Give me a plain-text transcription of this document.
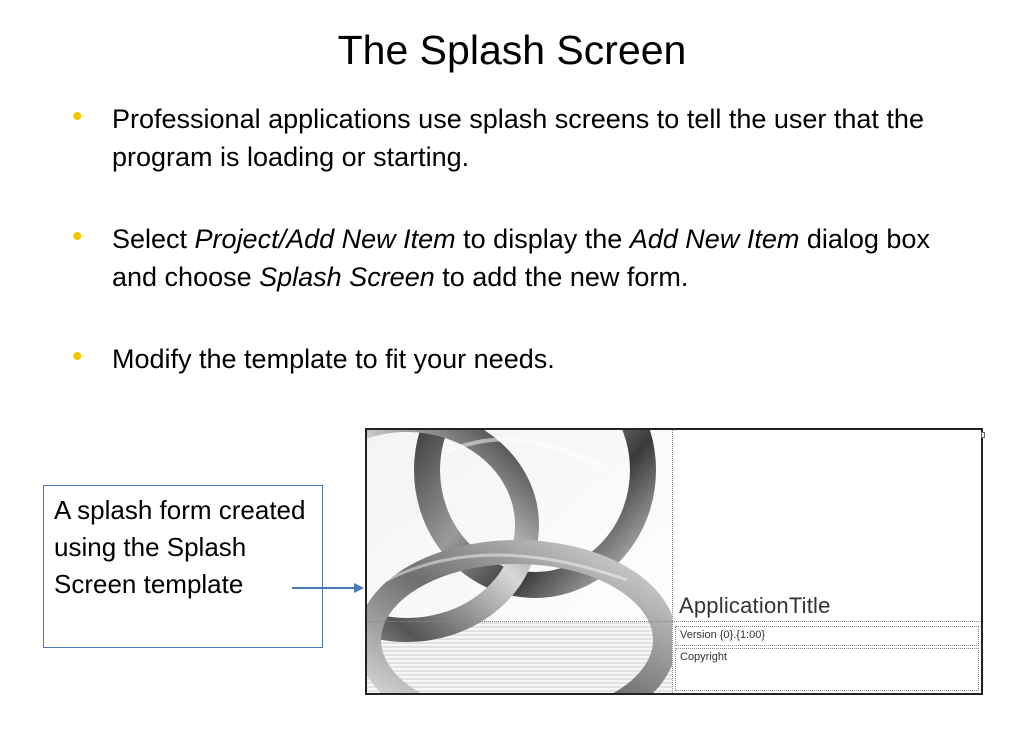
The Splash Screen
• Professional applications use splash screens to tell the user that the program is loading or starting.
• Select Project/Add New Item to display the Add New Item dialog box and choose Splash Screen to add the new form.
• Modify the template to fit your needs.
A splash form created using the Splash Screen template
ApplicationTitle
Version {0}.{1:00}
Copyright
